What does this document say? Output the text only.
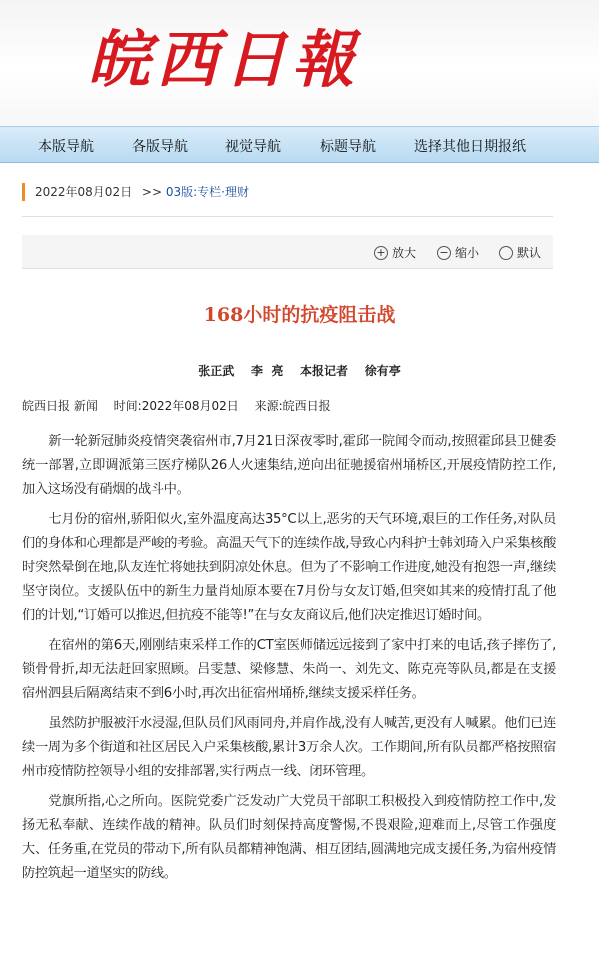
皖西日報
本版导航	各版导航	视觉导航	标题导航	选择其他日期报纸
2022年08月02日 >> 03版:专栏·理财
+ 放大 − 缩小	默认
168小时的抗疫阻击战
张正武    李  亮    本报记者    徐有亭
皖西日报 新闻 时间:2022年08月02日 来源:皖西日报

新一轮新冠肺炎疫情突袭宿州市,7月21日深夜零时,霍邱一院闻令而动,按照霍邱县卫健委统一部署,立即调派第三医疗梯队26人火速集结,逆向出征驰援宿州埇桥区,开展疫情防控工作,加入这场没有硝烟的战斗中。

七月份的宿州,骄阳似火,室外温度高达35°C以上,恶劣的天气环境,艰巨的工作任务,对队员们的身体和心理都是严峻的考验。高温天气下的连续作战,导致心内科护士韩刘琦入户采集核酸时突然晕倒在地,队友连忙将她扶到阴凉处休息。但为了不影响工作进度,她没有抱怨一声,继续坚守岗位。支援队伍中的新生力量肖灿原本要在7月份与女友订婚,但突如其来的疫情打乱了他们的计划,“订婚可以推迟,但抗疫不能等!”在与女友商议后,他们决定推迟订婚时间。

在宿州的第6天,刚刚结束采样工作的CT室医师储远远接到了家中打来的电话,孩子摔伤了,锁骨骨折,却无法赶回家照顾。吕雯慧、梁修慧、朱尚一、刘先文、陈克亮等队员,都是在支援宿州泗县后隔离结束不到6小时,再次出征宿州埇桥,继续支援采样任务。

虽然防护服被汗水浸湿,但队员们风雨同舟,并肩作战,没有人喊苦,更没有人喊累。他们已连续一周为多个街道和社区居民入户采集核酸,累计3万余人次。工作期间,所有队员都严格按照宿州市疫情防控领导小组的安排部署,实行两点一线、闭环管理。

党旗所指,心之所向。医院党委广泛发动广大党员干部职工积极投入到疫情防控工作中,发扬无私奉献、连续作战的精神。队员们时刻保持高度警惕,不畏艰险,迎难而上,尽管工作强度大、任务重,在党员的带动下,所有队员都精神饱满、相互团结,圆满地完成支援任务,为宿州疫情防控筑起一道坚实的防线。
